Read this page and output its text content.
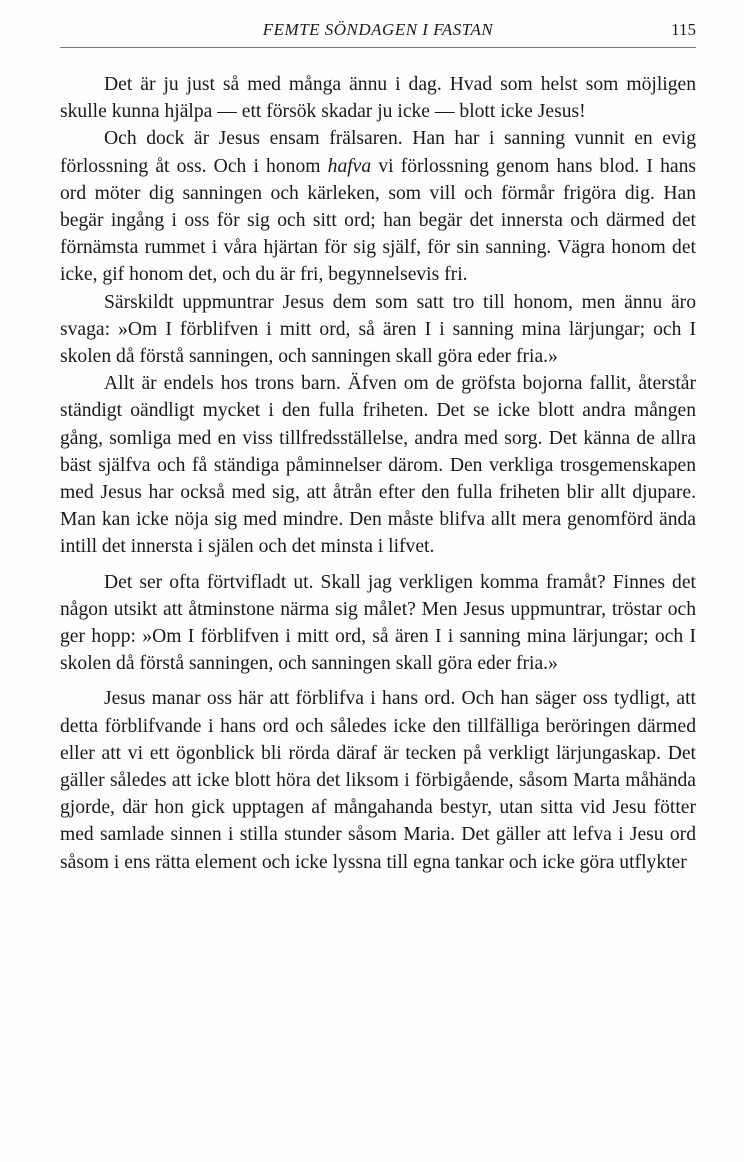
FEMTE SÖNDAGEN I FASTAN	115

Det är ju just så med många ännu i dag. Hvad som helst som möjligen skulle kunna hjälpa — ett försök skadar ju icke — blott icke Jesus!

Och dock är Jesus ensam frälsaren. Han har i sanning vunnit en evig förlossning åt oss. Och i honom hafva vi förlossning genom hans blod. I hans ord möter dig sanningen och kärleken, som vill och förmår frigöra dig. Han begär ingång i oss för sig och sitt ord; han begär det innersta och därmed det förnämsta rummet i våra hjärtan för sig själf, för sin sanning. Vägra honom det icke, gif honom det, och du är fri, begynnelsevis fri.

Särskildt uppmuntrar Jesus dem som satt tro till honom, men ännu äro svaga: »Om I förblifven i mitt ord, så ären I i sanning mina lärjungar; och I skolen då förstå sanningen, och sanningen skall göra eder fria.»

Allt är endels hos trons barn. Äfven om de gröfsta bojorna fallit, återstår ständigt oändligt mycket i den fulla friheten. Det se icke blott andra mången gång, somliga med en viss tillfredsställelse, andra med sorg. Det känna de allra bäst själfva och få ständiga påminnelser därom. Den verkliga trosgemenskapen med Jesus har också med sig, att åtrån efter den fulla friheten blir allt djupare. Man kan icke nöja sig med mindre. Den måste blifva allt mera genomförd ända intill det innersta i själen och det minsta i lifvet.

Det ser ofta förtvifladt ut. Skall jag verkligen komma framåt? Finnes det någon utsikt att åtminstone närma sig målet? Men Jesus uppmuntrar, tröstar och ger hopp: »Om I förblifven i mitt ord, så ären I i sanning mina lärjungar; och I skolen då förstå sanningen, och sanningen skall göra eder fria.»

Jesus manar oss här att förblifva i hans ord. Och han säger oss tydligt, att detta förblifvande i hans ord och således icke den tillfälliga beröringen därmed eller att vi ett ögonblick bli rörda däraf är tecken på verkligt lärjungaskap. Det gäller således att icke blott höra det liksom i förbigående, såsom Marta måhända gjorde, där hon gick upptagen af mångahanda bestyr, utan sitta vid Jesu fötter med samlade sinnen i stilla stunder såsom Maria. Det gäller att lefva i Jesu ord såsom i ens rätta element och icke lyssna till egna tankar och icke göra utflykter
